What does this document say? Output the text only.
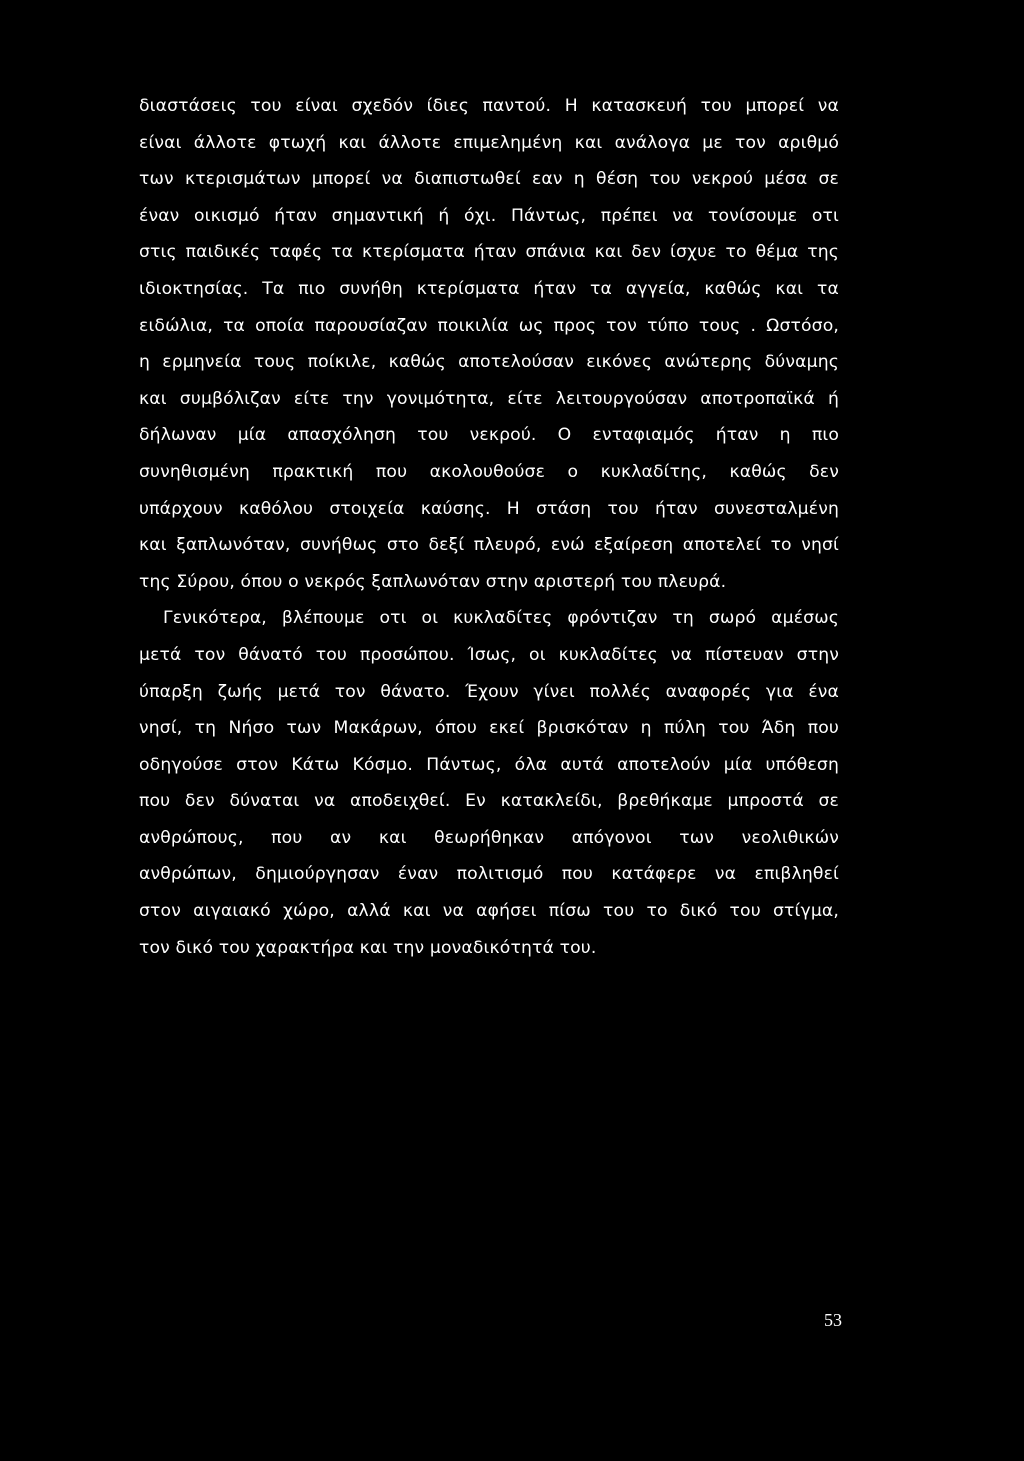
διαστάσεις του είναι σχεδόν ίδιες παντού. Η κατασκευή του μπορεί να
είναι άλλοτε φτωχή και άλλοτε επιμελημένη και ανάλογα με τον αριθμό
των κτερισμάτων μπορεί να διαπιστωθεί εαν η θέση του νεκρού μέσα σε
έναν οικισμό ήταν σημαντική ή όχι. Πάντως, πρέπει να τονίσουμε οτι
στις παιδικές ταφές τα κτερίσματα ήταν σπάνια και δεν ίσχυε το θέμα της
ιδιοκτησίας. Τα πιο συνήθη κτερίσματα ήταν τα αγγεία, καθώς και τα
ειδώλια, τα οποία παρουσίαζαν ποικιλία ως προς τον τύπο τους . Ωστόσο,
η ερμηνεία τους ποίκιλε, καθώς αποτελούσαν εικόνες ανώτερης δύναμης
και συμβόλιζαν είτε την γονιμότητα, είτε λειτουργούσαν αποτροπαϊκά ή
δήλωναν μία απασχόληση του νεκρού. Ο ενταφιαμός ήταν η πιο
συνηθισμένη πρακτική που ακολουθούσε ο κυκλαδίτης, καθώς δεν
υπάρχουν καθόλου στοιχεία καύσης. Η στάση του ήταν συνεσταλμένη
και ξαπλωνόταν, συνήθως στο δεξί πλευρό, ενώ εξαίρεση αποτελεί το νησί
της Σύρου, όπου ο νεκρός ξαπλωνόταν στην αριστερή του πλευρά.
Γενικότερα, βλέπουμε οτι οι κυκλαδίτες φρόντιζαν τη σωρό αμέσως
μετά τον θάνατό του προσώπου. Ίσως, οι κυκλαδίτες να πίστευαν στην
ύπαρξη ζωής μετά τον θάνατο. Έχουν γίνει πολλές αναφορές για ένα
νησί, τη Νήσο των Μακάρων, όπου εκεί βρισκόταν η πύλη του Άδη που
οδηγούσε στον Κάτω Κόσμο. Πάντως, όλα αυτά αποτελούν μία υπόθεση
που δεν δύναται να αποδειχθεί. Εν κατακλείδι, βρεθήκαμε μπροστά σε
ανθρώπους, που αν και θεωρήθηκαν απόγονοι των νεολιθικών
ανθρώπων, δημιούργησαν έναν πολιτισμό που κατάφερε να επιβληθεί
στον αιγαιακό χώρο, αλλά και να αφήσει πίσω του το δικό του στίγμα,
τον δικό του χαρακτήρα και την μοναδικότητά του.
53
